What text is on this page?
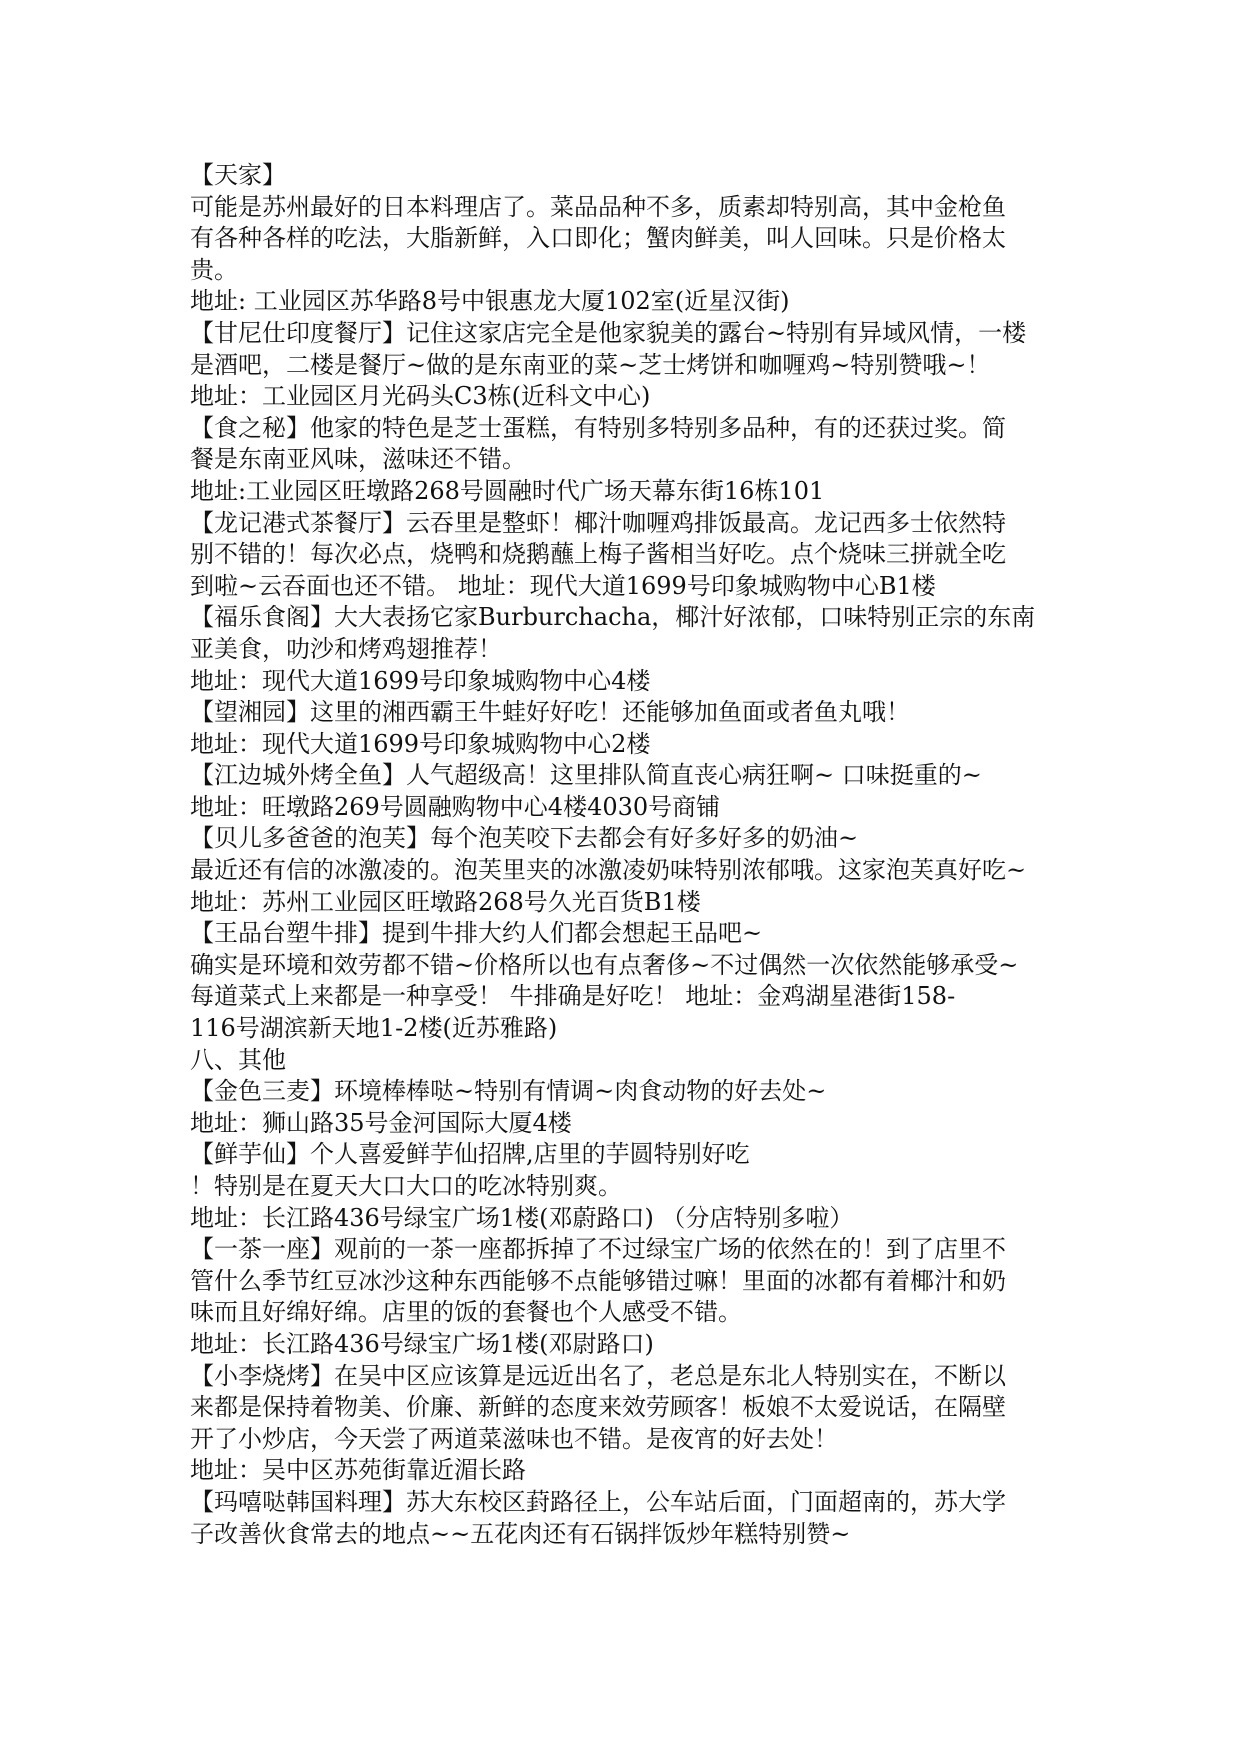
【天家】
可能是苏州最好的日本料理店了。菜品品种不多，质素却特别高，其中金枪鱼
有各种各样的吃法，大脂新鲜，入口即化；蟹肉鲜美，叫人回味。只是价格太
贵。
地址: 工业园区苏华路8号中银惠龙大厦102室(近星汉街)
【甘尼仕印度餐厅】记住这家店完全是他家貌美的露台~特别有异域风情，一楼
是酒吧，二楼是餐厅~做的是东南亚的菜~芝士烤饼和咖喱鸡~特别赞哦~！
地址：工业园区月光码头C3栋(近科文中心)
【食之秘】他家的特色是芝士蛋糕，有特别多特别多品种，有的还获过奖。简
餐是东南亚风味，滋味还不错。
地址:工业园区旺墩路268号圆融时代广场天幕东街16栋101
【龙记港式茶餐厅】云吞里是整虾！椰汁咖喱鸡排饭最高。龙记西多士依然特
别不错的！每次必点，烧鸭和烧鹅蘸上梅子酱相当好吃。点个烧味三拼就全吃
到啦~云吞面也还不错。 地址：现代大道1699号印象城购物中心B1楼
【福乐食阁】大大表扬它家Burburchacha，椰汁好浓郁，口味特别正宗的东南
亚美食，叻沙和烤鸡翅推荐！
地址：现代大道1699号印象城购物中心4楼
【望湘园】这里的湘西霸王牛蛙好好吃！还能够加鱼面或者鱼丸哦！
地址：现代大道1699号印象城购物中心2楼
【江边城外烤全鱼】人气超级高！这里排队简直丧心病狂啊~ 口味挺重的~
地址：旺墩路269号圆融购物中心4楼4030号商铺
【贝儿多爸爸的泡芙】每个泡芙咬下去都会有好多好多的奶油~
最近还有信的冰激凌的。泡芙里夹的冰激凌奶味特别浓郁哦。这家泡芙真好吃~
地址：苏州工业园区旺墩路268号久光百货B1楼
【王品台塑牛排】提到牛排大约人们都会想起王品吧~
确实是环境和效劳都不错~价格所以也有点奢侈~不过偶然一次依然能够承受~
每道菜式上来都是一种享受！ 牛排确是好吃！ 地址：金鸡湖星港街158-
116号湖滨新天地1-2楼(近苏雅路)
八、其他
【金色三麦】环境棒棒哒~特别有情调~肉食动物的好去处~
地址：狮山路35号金河国际大厦4楼
【鲜芋仙】个人喜爱鲜芋仙招牌,店里的芋圆特别好吃
！特别是在夏天大口大口的吃冰特别爽。
地址：长江路436号绿宝广场1楼(邓蔚路口) （分店特别多啦）
【一茶一座】观前的一茶一座都拆掉了不过绿宝广场的依然在的！到了店里不
管什么季节红豆冰沙这种东西能够不点能够错过嘛！里面的冰都有着椰汁和奶
味而且好绵好绵。店里的饭的套餐也个人感受不错。
地址：长江路436号绿宝广场1楼(邓尉路口)
【小李烧烤】在吴中区应该算是远近出名了，老总是东北人特别实在，不断以
来都是保持着物美、价廉、新鲜的态度来效劳顾客！板娘不太爱说话，在隔壁
开了小炒店，今天尝了两道菜滋味也不错。是夜宵的好去处！
地址：吴中区苏苑街靠近湄长路
【玛嘻哒韩国料理】苏大东校区葑路径上，公车站后面，门面超南的，苏大学
子改善伙食常去的地点~~五花肉还有石锅拌饭炒年糕特别赞~
